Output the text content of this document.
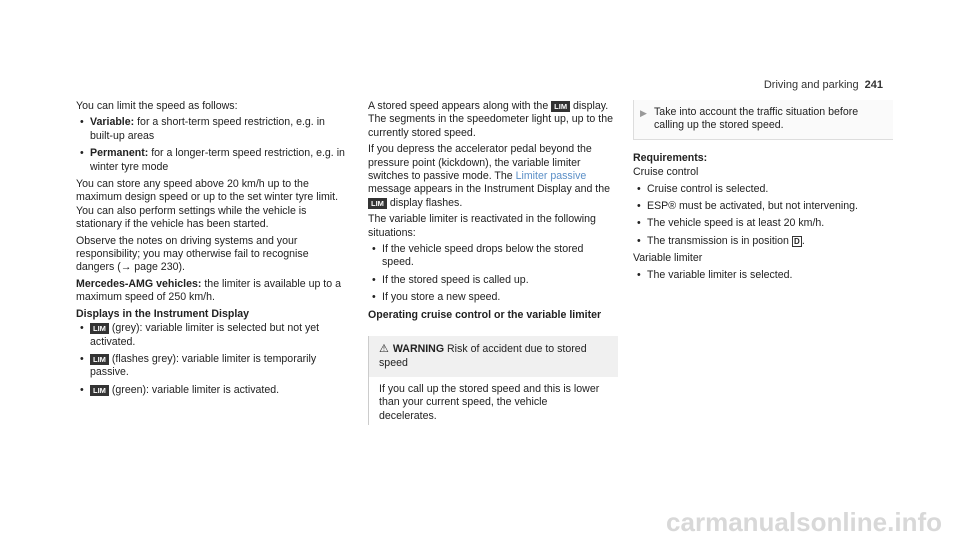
Driving and parking 241

You can limit the speed as follows:

• Variable: for a short-term speed restriction, e.g. in built-up areas
• Permanent: for a longer-term speed restriction, e.g. in winter tyre mode

You can store any speed above 20 km/h up to the maximum design speed or up to the set winter tyre limit. You can also perform settings while the vehicle is stationary if the vehicle has been started.

Observe the notes on driving systems and your responsibility; you may otherwise fail to recognise dangers (→ page 230).

Mercedes-AMG vehicles: the limiter is available up to a maximum speed of 250 km/h.

Displays in the Instrument Display
• LIM (grey): variable limiter is selected but not yet activated.
• LIM (flashes grey): variable limiter is temporarily passive.
• LIM (green): variable limiter is activated.

A stored speed appears along with the LIM display. The segments in the speedometer light up, up to the currently stored speed.

If you depress the accelerator pedal beyond the pressure point (kickdown), the variable limiter switches to passive mode. The Limiter passive message appears in the Instrument Display and the LIM display flashes.

The variable limiter is reactivated in the following situations:

• If the vehicle speed drops below the stored speed.
• If the stored speed is called up.
• If you store a new speed.
Operating cruise control or the variable limiter
⚠ WARNING Risk of accident due to stored speed
If you call up the stored speed and this is lower than your current speed, the vehicle decelerates.
▶ Take into account the traffic situation before calling up the stored speed.
Requirements:

Cruise control

• Cruise control is selected.
• ESP® must be activated, but not intervening.
• The vehicle speed is at least 20 km/h.
• The transmission is in position D .

Variable limiter

• The variable limiter is selected.
carmanualsonline.info
